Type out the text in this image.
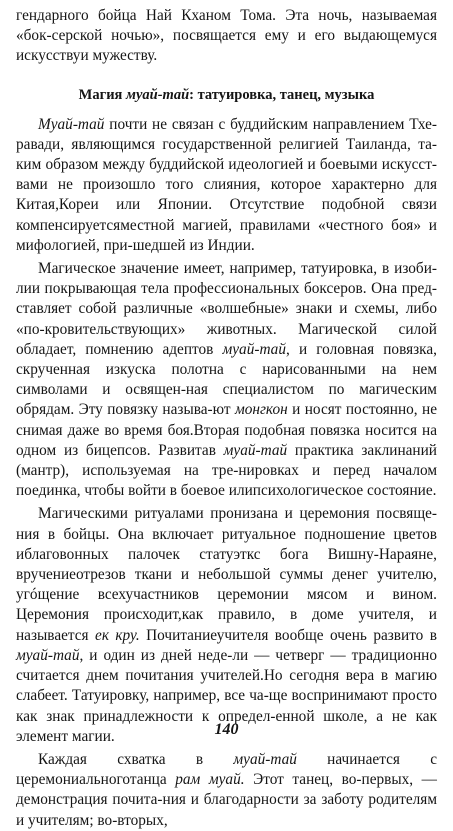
гендарного бойца Най Кханом Тома. Эта ночь, называемая «бок-серской ночью», посвящается ему и его выдающемуся искусствуи мужеству.

Магия муай-тай: татуировка, танец, музыка

Муай-тай почти не связан с буддийским направлением Тхе-равади, являющимся государственной религией Таиланда, та-ким образом между буддийской идеологией и боевыми искусст-вами не произошло того слияния, которое характерно для Китая,Кореи или Японии. Отсутствие подобной связи компенсируетсяместной магией, правилами «честного боя» и мифологией, при-шедшей из Индии.

Магическое значение имеет, например, татуировка, в изоби-лии покрывающая тела профессиональных боксеров. Она пред-ставляет собой различные «волшебные» знаки и схемы, либо «по-кровительствующих» животных. Магической силой обладает, помнению адептов муай-тай, и головная повязка, скрученная изкуска полотна с нарисованными на нем символами и освящен-ная специалистом по магическим обрядам. Эту повязку называ-ют монгкон и носят постоянно, не снимая даже во время боя.Вторая подобная повязка носится на одном из бицепсов. Развитав муай-тай практика заклинаний (мантр), используемая на тре-нировках и перед началом поединка, чтобы войти в боевое илипсихологическое состояние.

Магическими ритуалами пронизана и церемония посвяще-ния в бойцы. Она включает ритуальное подношение цветов иблаговонных палочек статуэткс бога Вишну-Нараяне, вручениеотрезов ткани и небольшой суммы денег учителю, угóщение всехучастников церемонии мясом и вином. Церемония происходит,как правило, в доме учителя, и называется ек кру. Почитаниеучителя вообще очень развито в муай-тай, и один из дней неде-ли — четверг — традиционно считается днем почитания учителей.Но сегодня вера в магию слабеет. Татуировку, например, все ча-ще воспринимают просто как знак принадлежности к определ-енной школе, а не как элемент магии.

Каждая схватка в муай-тай начинается с церемониальноготанца рам муай. Этот танец, во-первых, — демонстрация почита-ния и благодарности за заботу родителям и учителям; во-вторых,

140
